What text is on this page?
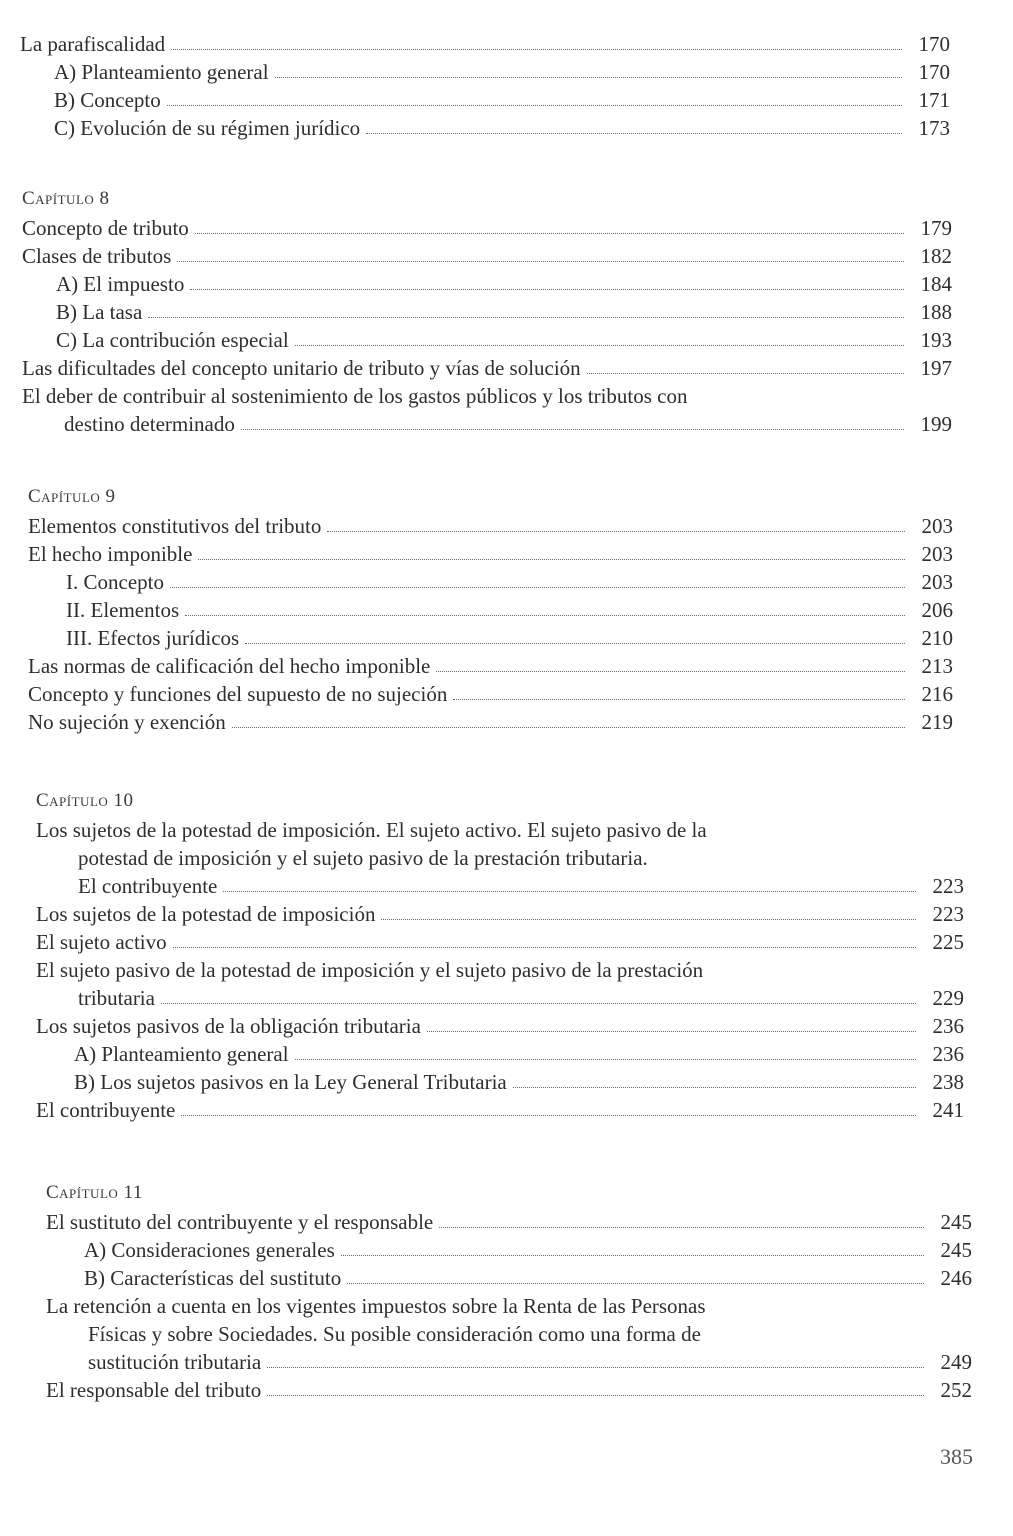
La parafiscalidad	170
A) Planteamiento general	170
B) Concepto	171
C) Evolución de su régimen jurídico	173
Capítulo 8
Concepto de tributo	179
Clases de tributos	182
A) El impuesto	184
B) La tasa	188
C) La contribución especial	193
Las dificultades del concepto unitario de tributo y vías de solución	197
El deber de contribuir al sostenimiento de los gastos públicos y los tributos con
destino determinado	199
Capítulo 9
Elementos constitutivos del tributo	203
El hecho imponible	203
I. Concepto	203
II. Elementos	206
III. Efectos jurídicos	210
Las normas de calificación del hecho imponible	213
Concepto y funciones del supuesto de no sujeción	216
No sujeción y exención	219
Capítulo 10
Los sujetos de la potestad de imposición. El sujeto activo. El sujeto pasivo de la
potestad de imposición y el sujeto pasivo de la prestación tributaria.
El contribuyente	223
Los sujetos de la potestad de imposición	223
El sujeto activo	225
El sujeto pasivo de la potestad de imposición y el sujeto pasivo de la prestación
tributaria	229
Los sujetos pasivos de la obligación tributaria	236
A) Planteamiento general	236
B) Los sujetos pasivos en la Ley General Tributaria	238
El contribuyente	241
Capítulo 11
El sustituto del contribuyente y el responsable	245
A) Consideraciones generales	245
B) Características del sustituto	246
La retención a cuenta en los vigentes impuestos sobre la Renta de las Personas
Físicas y sobre Sociedades. Su posible consideración como una forma de
sustitución tributaria	249
El responsable del tributo	252
385
